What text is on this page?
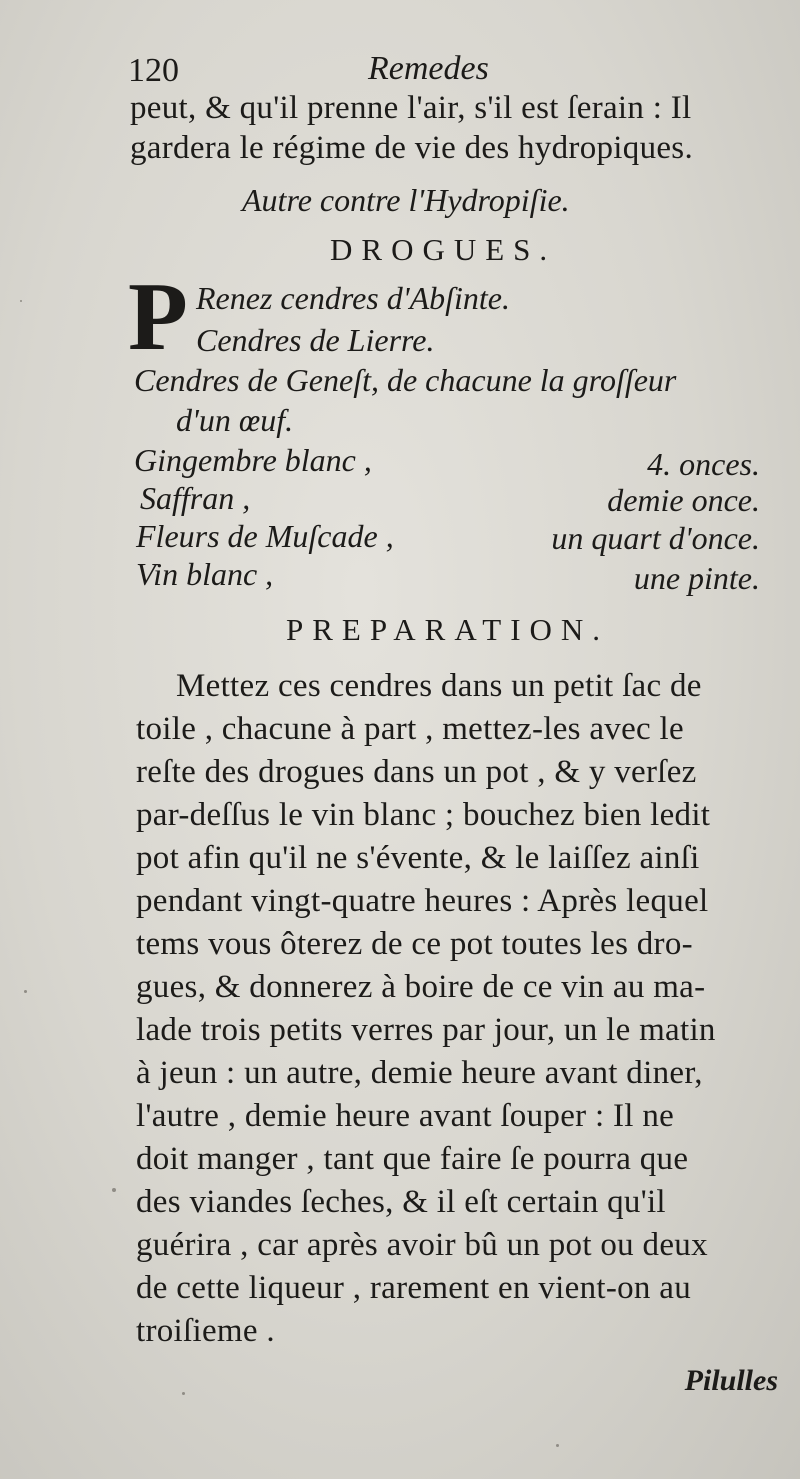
120	Remedes
peut, & qu'il prenne l'air, s'il est ſerain : Il
gardera le régime de vie des hydropiques.
Autre contre l'Hydropiſie.
DROGUES.
P Renez cendres d'Abſinte.
Cendres de Lierre.
Cendres de Geneſt, de chacune la groſſeur
d'un œuf.
Gingembre blanc ,	4. onces.
Saffran ,	demie once.
Fleurs de Muſcade ,	un quart d'once.
Vin blanc ,	une pinte.
PREPARATION.
Mettez ces cendres dans un petit ſac de
toile , chacune à part , mettez-les avec le
reſte des drogues dans un pot , & y verſez
par-deſſus le vin blanc ; bouchez bien ledit
pot afin qu'il ne s'évente, & le laiſſez ainſi
pendant vingt-quatre heures : Après lequel
tems vous ôterez de ce pot toutes les dro-
gues, & donnerez à boire de ce vin au ma-
lade trois petits verres par jour, un le matin
à jeun : un autre, demie heure avant diner,
l'autre , demie heure avant ſouper : Il ne
doit manger , tant que faire ſe pourra que
des viandes ſeches, & il eſt certain qu'il
guérira , car après avoir bû un pot ou deux
de cette liqueur , rarement en vient-on au
troiſieme .
Pilulles
